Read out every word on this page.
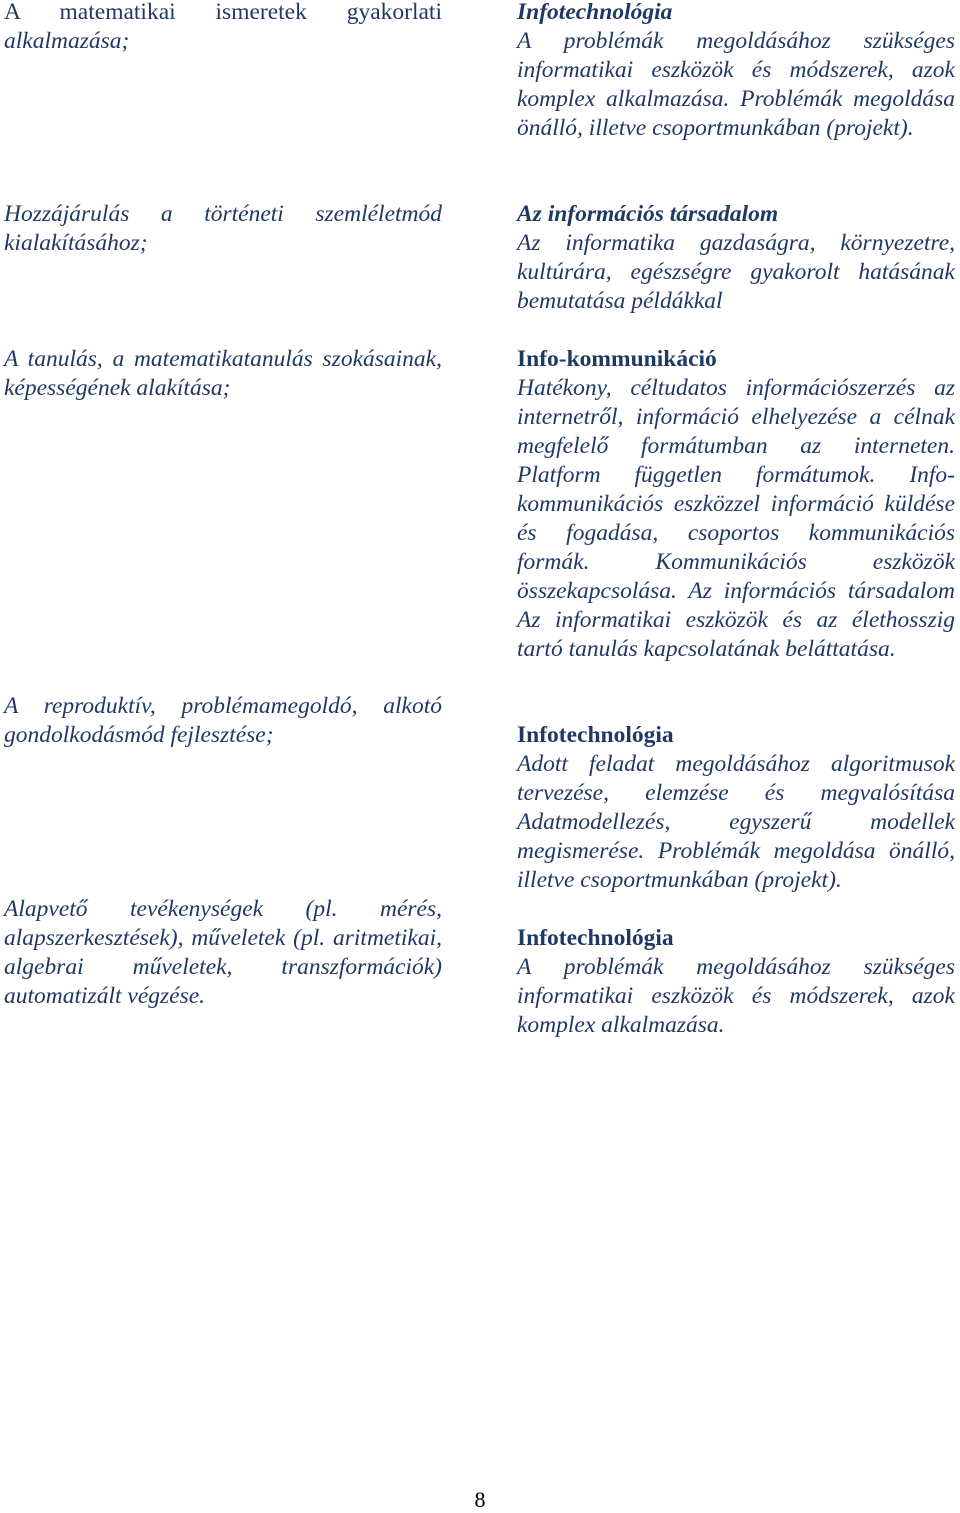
A matematikai ismeretek gyakorlati alkalmazása;

Hozzájárulás a történeti szemléletmód kialakításához;

A tanulás, a matematikatanulás szokásainak, képességének alakítása;

A reproduktív, problémamegoldó, alkotó gondolkodásmód fejlesztése;

Alapvető tevékenységek (pl. mérés, alapszerkesztések), műveletek (pl. aritmetikai, algebrai műveletek, transzformációk) automatizált végzése.

Infotechnológia

A problémák megoldásához szükséges informatikai eszközök és módszerek, azok komplex alkalmazása. Problémák megoldása önálló, illetve csoportmunkában (projekt).

Az információs társadalom

Az informatika gazdaságra, környezetre, kultúrára, egészségre gyakorolt hatásának bemutatása példákkal

Info-kommunikáció

Hatékony, céltudatos információszerzés az internetről, információ elhelyezése a célnak megfelelő formátumban az interneten. Platform független formátumok. Info-kommunikációs eszközzel információ küldése és fogadása, csoportos kommunikációs formák. Kommunikációs eszközök összekapcsolása. Az információs társadalom Az informatikai eszközök és az élethosszig tartó tanulás kapcsolatának beláttatása.

Infotechnológia

Adott feladat megoldásához algoritmusok tervezése, elemzése és megvalósítása Adatmodellezés, egyszerű modellek megismerése. Problémák megoldása önálló, illetve csoportmunkában (projekt).

Infotechnológia

A problémák megoldásához szükséges informatikai eszközök és módszerek, azok komplex alkalmazása.

8
